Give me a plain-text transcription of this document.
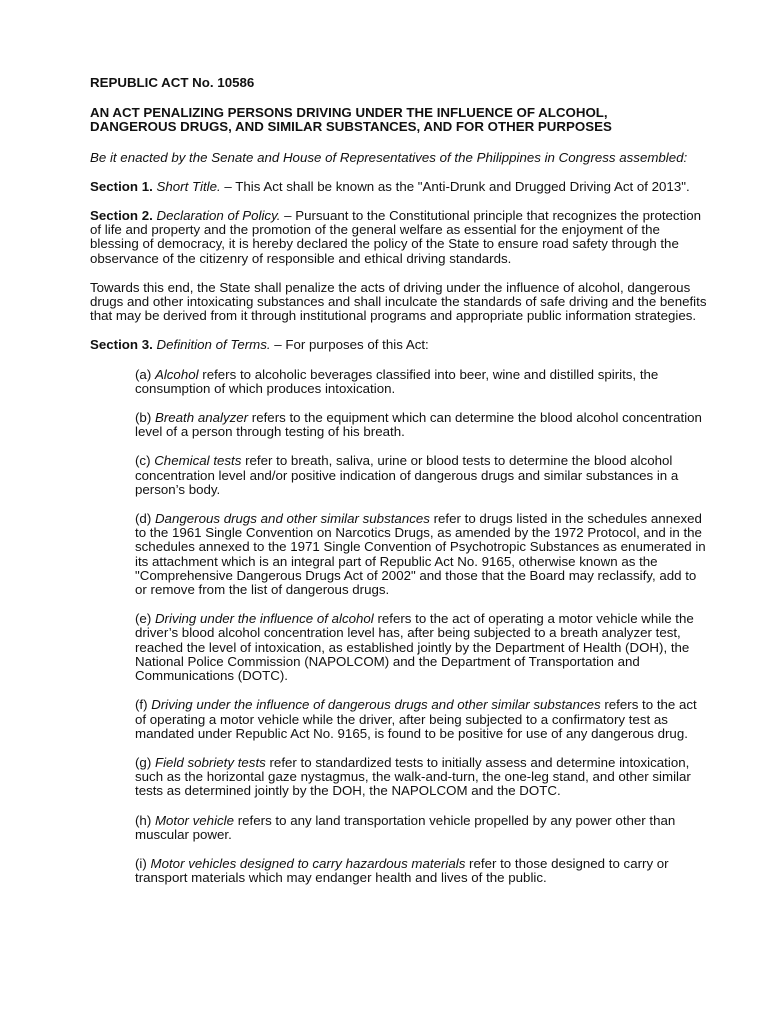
REPUBLIC ACT No. 10586
AN ACT PENALIZING PERSONS DRIVING UNDER THE INFLUENCE OF ALCOHOL,
DANGEROUS DRUGS, AND SIMILAR SUBSTANCES, AND FOR OTHER PURPOSES

Be it enacted by the Senate and House of Representatives of the Philippines in Congress assembled:

Section 1. Short Title. – This Act shall be known as the "Anti-Drunk and Drugged Driving Act of 2013".

Section 2. Declaration of Policy. – Pursuant to the Constitutional principle that recognizes the protection of life and property and the promotion of the general welfare as essential for the enjoyment of the blessing of democracy, it is hereby declared the policy of the State to ensure road safety through the observance of the citizenry of responsible and ethical driving standards.

Towards this end, the State shall penalize the acts of driving under the influence of alcohol, dangerous drugs and other intoxicating substances and shall inculcate the standards of safe driving and the benefits that may be derived from it through institutional programs and appropriate public information strategies.

Section 3. Definition of Terms. – For purposes of this Act:

(a) Alcohol refers to alcoholic beverages classified into beer, wine and distilled spirits, the consumption of which produces intoxication.

(b) Breath analyzer refers to the equipment which can determine the blood alcohol concentration level of a person through testing of his breath.

(c) Chemical tests refer to breath, saliva, urine or blood tests to determine the blood alcohol concentration level and/or positive indication of dangerous drugs and similar substances in a person’s body.

(d) Dangerous drugs and other similar substances refer to drugs listed in the schedules annexed to the 1961 Single Convention on Narcotics Drugs, as amended by the 1972 Protocol, and in the schedules annexed to the 1971 Single Convention of Psychotropic Substances as enumerated in its attachment which is an integral part of Republic Act No. 9165, otherwise known as the "Comprehensive Dangerous Drugs Act of 2002" and those that the Board may reclassify, add to or remove from the list of dangerous drugs.

(e) Driving under the influence of alcohol refers to the act of operating a motor vehicle while the driver’s blood alcohol concentration level has, after being subjected to a breath analyzer test, reached the level of intoxication, as established jointly by the Department of Health (DOH), the National Police Commission (NAPOLCOM) and the Department of Transportation and Communications (DOTC).

(f) Driving under the influence of dangerous drugs and other similar substances refers to the act of operating a motor vehicle while the driver, after being subjected to a confirmatory test as mandated under Republic Act No. 9165, is found to be positive for use of any dangerous drug.

(g) Field sobriety tests refer to standardized tests to initially assess and determine intoxication, such as the horizontal gaze nystagmus, the walk-and-turn, the one-leg stand, and other similar tests as determined jointly by the DOH, the NAPOLCOM and the DOTC.

(h) Motor vehicle refers to any land transportation vehicle propelled by any power other than muscular power.

(i) Motor vehicles designed to carry hazardous materials refer to those designed to carry or transport materials which may endanger health and lives of the public.
